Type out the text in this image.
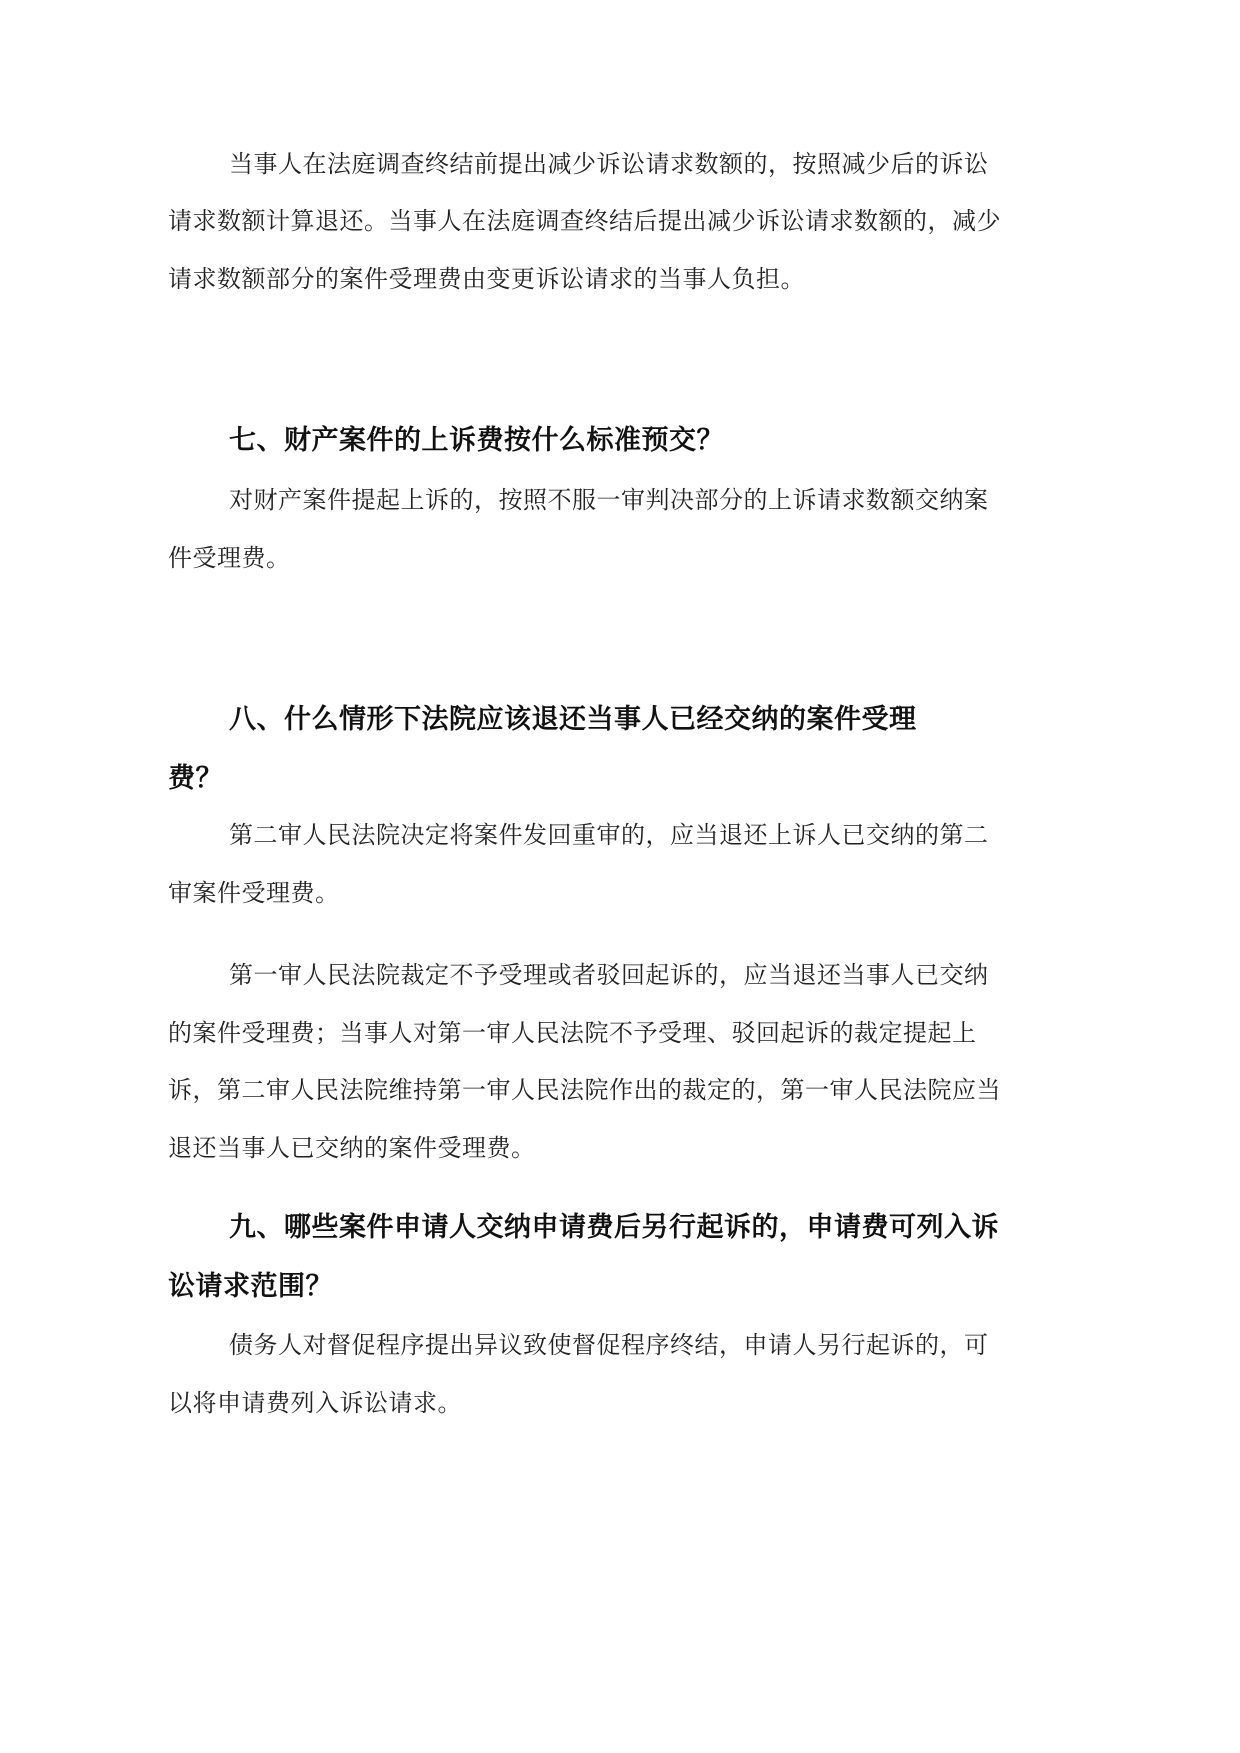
当事人在法庭调查终结前提出减少诉讼请求数额的，按照减少后的诉讼
请求数额计算退还。当事人在法庭调查终结后提出减少诉讼请求数额的，减少
请求数额部分的案件受理费由变更诉讼请求的当事人负担。
七、财产案件的上诉费按什么标准预交？
对财产案件提起上诉的，按照不服一审判决部分的上诉请求数额交纳案
件受理费。
八、什么情形下法院应该退还当事人已经交纳的案件受理
费？
第二审人民法院决定将案件发回重审的，应当退还上诉人已交纳的第二
审案件受理费。
第一审人民法院裁定不予受理或者驳回起诉的，应当退还当事人已交纳
的案件受理费；当事人对第一审人民法院不予受理、驳回起诉的裁定提起上
诉，第二审人民法院维持第一审人民法院作出的裁定的，第一审人民法院应当
退还当事人已交纳的案件受理费。
九、哪些案件申请人交纳申请费后另行起诉的，申请费可列入诉
讼请求范围？
债务人对督促程序提出异议致使督促程序终结，申请人另行起诉的，可
以将申请费列入诉讼请求。
